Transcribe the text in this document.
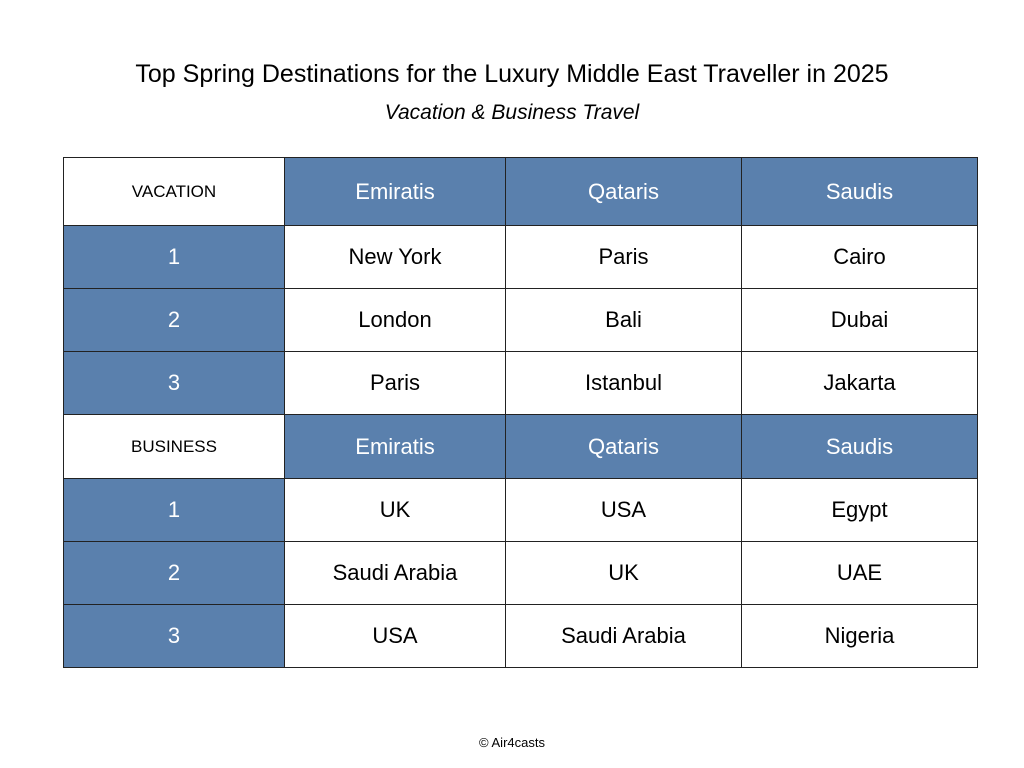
Top Spring Destinations for the Luxury Middle East Traveller in 2025
Vacation & Business Travel
VACATION	Emiratis	Qataris	Saudis
1	New York	Paris	Cairo
2	London	Bali	Dubai
3	Paris	Istanbul	Jakarta
BUSINESS	Emiratis	Qataris	Saudis
1	UK	USA	Egypt
2	Saudi Arabia	UK	UAE
3	USA	Saudi Arabia	Nigeria
© Air4casts
